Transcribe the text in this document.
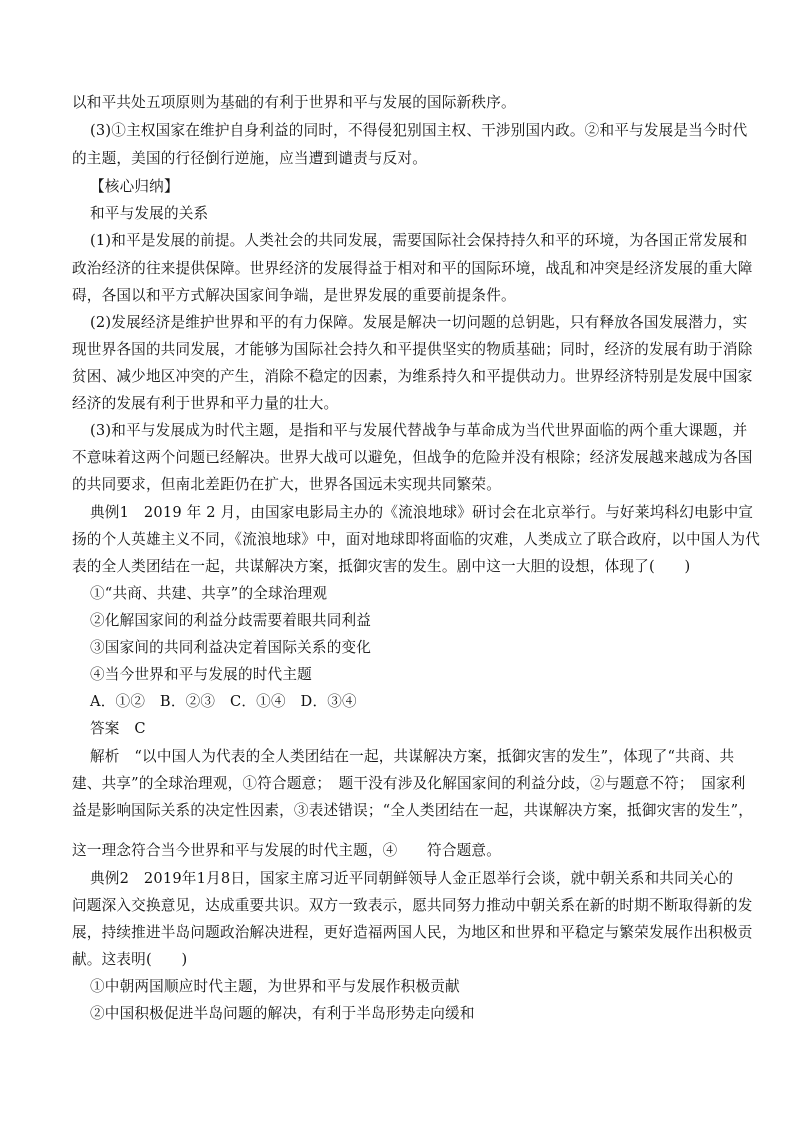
以和平共处五项原则为基础的有利于世界和平与发展的国际新秩序。

(3)①主权国家在维护自身利益的同时，不得侵犯别国主权、干涉别国内政。②和平与发展是当今时代

的主题，美国的行径倒行逆施，应当遭到谴责与反对。

【核心归纳】

和平与发展的关系

(1)和平是发展的前提。人类社会的共同发展，需要国际社会保持持久和平的环境，为各国正常发展和

政治经济的往来提供保障。世界经济的发展得益于相对和平的国际环境，战乱和冲突是经济发展的重大障

碍，各国以和平方式解决国家间争端，是世界发展的重要前提条件。

(2)发展经济是维护世界和平的有力保障。发展是解决一切问题的总钥匙，只有释放各国发展潜力，实

现世界各国的共同发展，才能够为国际社会持久和平提供坚实的物质基础；同时，经济的发展有助于消除

贫困、减少地区冲突的产生，消除不稳定的因素，为维系持久和平提供动力。世界经济特别是发展中国家

经济的发展有利于世界和平力量的壮大。

(3)和平与发展成为时代主题，是指和平与发展代替战争与革命成为当代世界面临的两个重大课题，并

不意味着这两个问题已经解决。世界大战可以避免，但战争的危险并没有根除；经济发展越来越成为各国

的共同要求，但南北差距仍在扩大，世界各国远未实现共同繁荣。

典例1　2019 年 2 月，由国家电影局主办的《流浪地球》研讨会在北京举行。与好莱坞科幻电影中宣

扬的个人英雄主义不同，《流浪地球》中，面对地球即将面临的灾难，人类成立了联合政府，以中国人为代

表的全人类团结在一起，共谋解决方案，抵御灾害的发生。剧中这一大胆的设想，体现了(　　)

①“共商、共建、共享”的全球治理观

②化解国家间的利益分歧需要着眼共同利益

③国家间的共同利益决定着国际关系的变化

④当今世界和平与发展的时代主题

A．①②　B．②③　C．①④　D．③④

答案　C

解析　“以中国人为代表的全人类团结在一起，共谋解决方案，抵御灾害的发生”，体现了“共商、共

建、共享”的全球治理观，①符合题意；　题干没有涉及化解国家间的利益分歧，②与题意不符；　国家利

益是影响国际关系的决定性因素，③表述错误；“全人类团结在一起，共谋解决方案，抵御灾害的发生”，

这一理念符合当今世界和平与发展的时代主题，④　　符合题意。

典例2　2019年1月8日，国家主席习近平同朝鲜领导人金正恩举行会谈，就中朝关系和共同关心的

问题深入交换意见，达成重要共识。双方一致表示，愿共同努力推动中朝关系在新的时期不断取得新的发

展，持续推进半岛问题政治解决进程，更好造福两国人民，为地区和世界和平稳定与繁荣发展作出积极贡

献。这表明(　　)

①中朝两国顺应时代主题，为世界和平与发展作积极贡献

②中国积极促进半岛问题的解决，有利于半岛形势走向缓和
